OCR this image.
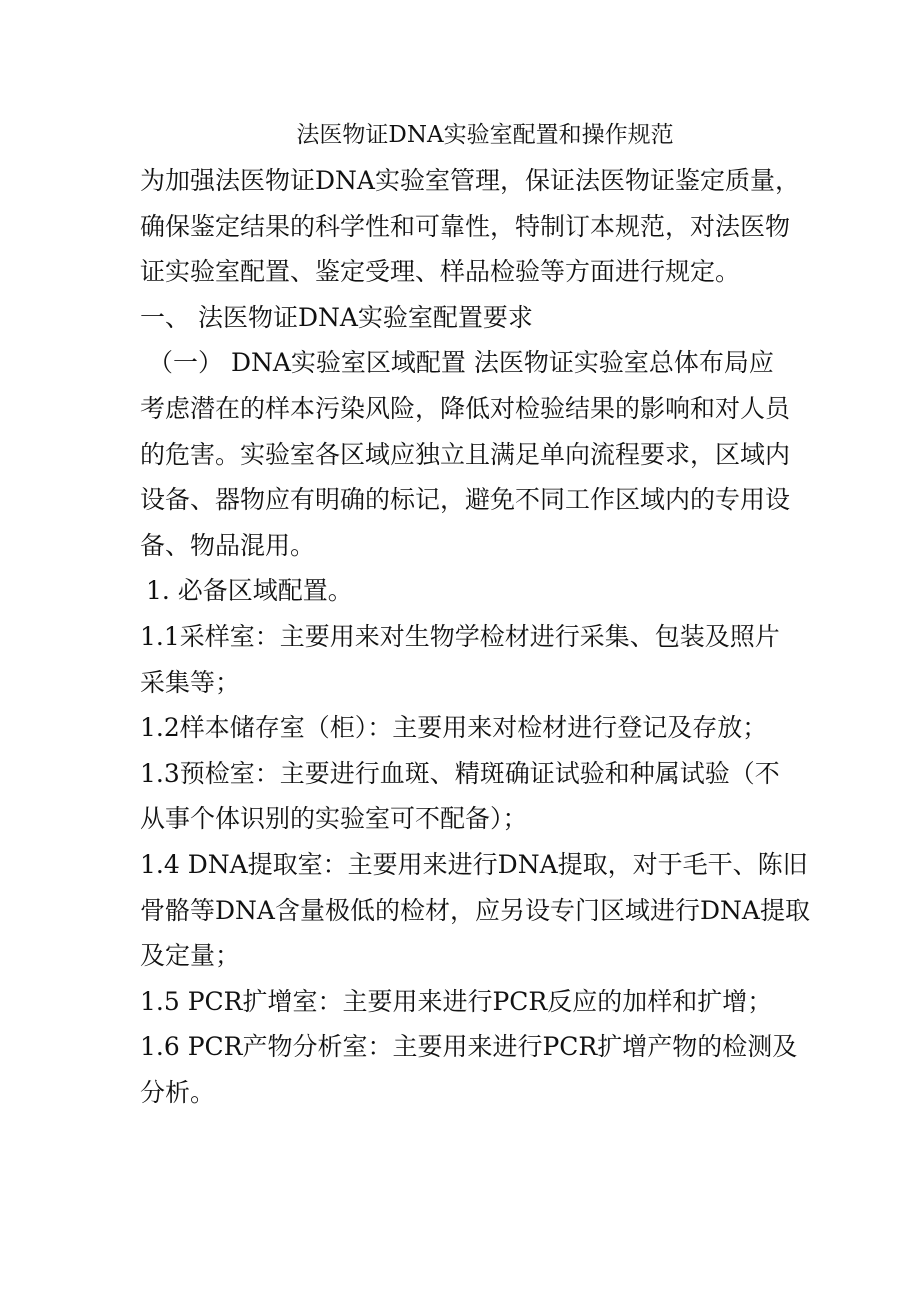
法医物证DNA实验室配置和操作规范

为加强法医物证DNA实验室管理，保证法医物证鉴定质量，

确保鉴定结果的科学性和可靠性，特制订本规范，对法医物

证实验室配置、鉴定受理、样品检验等方面进行规定。

一、 法医物证DNA实验室配置要求

（一） DNA实验室区域配置 法医物证实验室总体布局应

考虑潜在的样本污染风险，降低对检验结果的影响和对人员

的危害。实验室各区域应独立且满足单向流程要求，区域内

设备、器物应有明确的标记，避免不同工作区域内的专用设

备、物品混用。

1. 必备区域配置。

1.1采样室：主要用来对生物学检材进行采集、包装及照片

采集等；

1.2样本储存室（柜）：主要用来对检材进行登记及存放；

1.3预检室：主要进行血斑、精斑确证试验和种属试验（不

从事个体识别的实验室可不配备）；

1.4 DNA提取室：主要用来进行DNA提取，对于毛干、陈旧

骨骼等DNA含量极低的检材，应另设专门区域进行DNA提取

及定量；

1.5 PCR扩增室：主要用来进行PCR反应的加样和扩增；

1.6 PCR产物分析室：主要用来进行PCR扩增产物的检测及

分析。
